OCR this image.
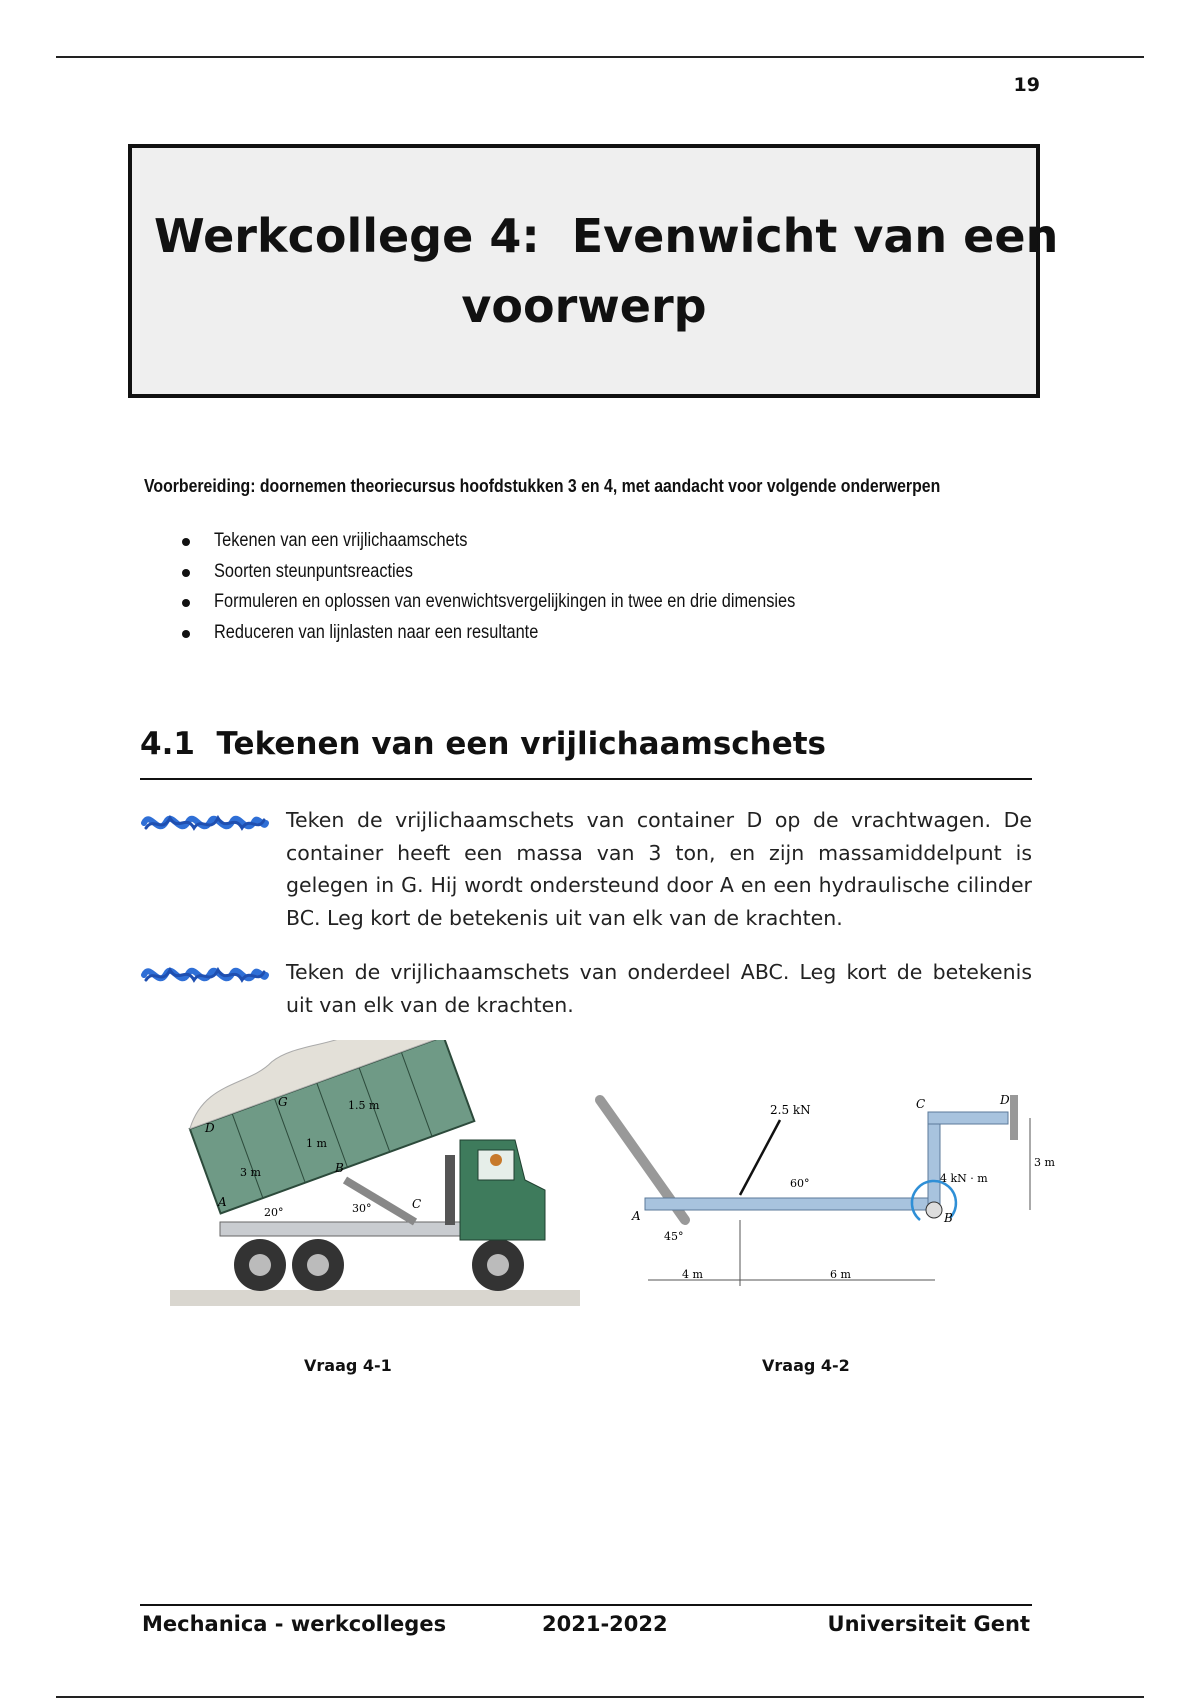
19
Werkcollege 4:  Evenwicht van een
voorwerp
Voorbereiding: doornemen theoriecursus hoofdstukken 3 en 4, met aandacht voor volgende onderwerpen
Tekenen van een vrijlichaamschets
Soorten steunpuntsreacties
Formuleren en oplossen van evenwichtsvergelijkingen in twee en drie dimensies
Reduceren van lijnlasten naar een resultante
4.1 Tekenen van een vrijlichaamschets
Teken de vrijlichaamschets van container D op de vrachtwagen. De container heeft een massa van 3 ton, en zijn massamiddelpunt is gelegen in G. Hij wordt ondersteund door A en een hydraulische cilinder BC. Leg kort de betekenis uit van elk van de krachten.
Teken de vrijlichaamschets van onderdeel ABC. Leg kort de betekenis uit van elk van de krachten.
D
G	1.5 m
1 m
3 m
A
B
C
20°	30°
Vraag 4-1
2.5 kN
60°
45°
A	B
C	D
4 kN · m
4 m	6 m
3 m
Vraag 4-2
Mechanica - werkcolleges	2021-2022	Universiteit Gent
